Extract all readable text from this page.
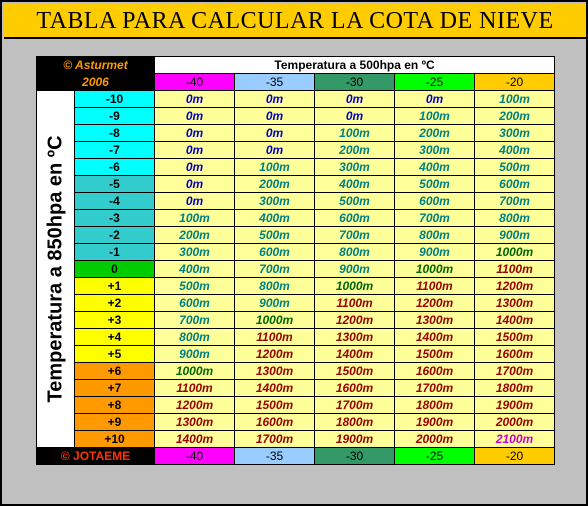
TABLA PARA CALCULAR LA COTA DE NIEVE
© Asturmet		Temperatura a 500hpa en ºC				
2006		-40	-35	-30	-25	-20

Temperatura a 850hpa en ºC	-10	0m	0m	0m	0m	100m
	-9	0m	0m	0m	100m	200m
	-8	0m	0m	100m	200m	300m
	-7	0m	0m	200m	300m	400m
	-6	0m	100m	300m	400m	500m
	-5	0m	200m	400m	500m	600m
	-4	0m	300m	500m	600m	700m
	-3	100m	400m	600m	700m	800m
	-2	200m	500m	700m	800m	900m
	-1	300m	600m	800m	900m	1000m
	0	400m	700m	900m	1000m	1100m
	+1	500m	800m	1000m	1100m	1200m
	+2	600m	900m	1100m	1200m	1300m
	+3	700m	1000m	1200m	1300m	1400m
	+4	800m	1100m	1300m	1400m	1500m
	+5	900m	1200m	1400m	1500m	1600m
	+6	1000m	1300m	1500m	1600m	1700m
	+7	1100m	1400m	1600m	1700m	1800m
	+8	1200m	1500m	1700m	1800m	1900m
	+9	1300m	1600m	1800m	1900m	2000m
	+10	1400m	1700m	1900m	2000m	2100m
© JOTAEME		-40	-35	-30	-25	-20
